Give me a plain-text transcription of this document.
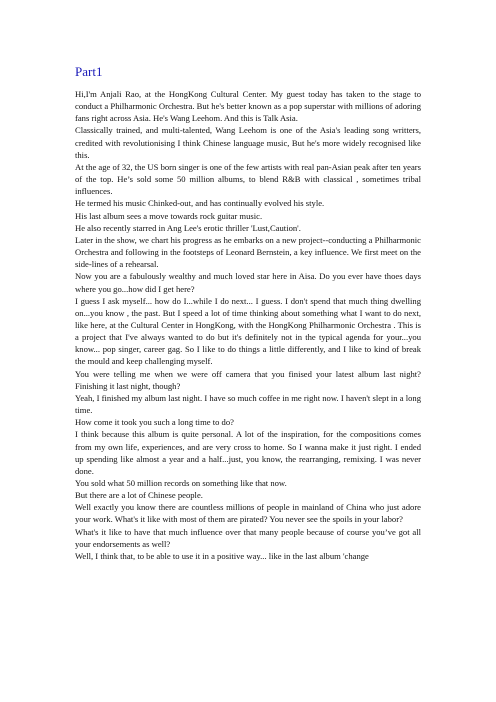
Part1

Hi,I'm Anjali Rao, at the HongKong Cultural Center. My guest today has taken to the stage to conduct a Philharmonic Orchestra. But he's better known as a pop superstar with millions of adoring fans right across Asia. He's Wang Leehom. And this is Talk Asia.

Classically trained, and multi-talented, Wang Leehom is one of the Asia's leading song writters, credited with revolutionising I think Chinese language music, But he's more widely recognised like this.

At the age of 32, the US born singer is one of the few artists with real pan-Asian peak after ten years of the top. He’s sold some 50 million albums, to blend R&B with classical , sometimes tribal influences.

He termed his music Chinked-out, and has continually evolved his style.

His last album sees a move towards rock guitar music.

He also recently starred in Ang Lee's erotic thriller 'Lust,Caution'.

Later in the show, we chart his progress as he embarks on a new project--conducting a Philharmonic Orchestra and following in the footsteps of Leonard Bernstein, a key influence. We first meet on the side-lines of a rehearsal.

Now you are a fabulously wealthy and much loved star here in Aisa. Do you ever have thoes days where you go...how did I get here?

I guess I ask myself... how do I...while I do next... I guess. I don't spend that much thing dwelling on...you know , the past. But I speed a lot of time thinking about something what I want to do next, like here, at the Cultural Center in HongKong, with the HongKong Philharmonic Orchestra . This is a project that I've always wanted to do but it's definitely not in the typical agenda for your...you know... pop singer, career gag. So I like to do things a little differently, and I like to kind of break the mould and keep challenging myself.

You were telling me when we were off camera that you finised your latest album last night? Finishing it last night, though?

Yeah, I finished my album last night. I have so much coffee in me right now. I haven't slept in a long time.

How come it took you such a long time to do?

I think because this album is quite personal. A lot of the inspiration, for the compositions comes from my own life, experiences, and are very cross to home. So I wanna make it just right. I ended up spending like almost a year and a half...just, you know, the rearranging, remixing. I was never done.

You sold what 50 million records on something like that now.

But there are a lot of Chinese people.

Well exactly you know there are countless millions of people in mainland of China who just adore your work. What's it like with most of them are pirated? You never see the spoils in your labor?

What's it like to have that much influence over that many people because of course you’ve got all your endorsements as well?

Well, I think that, to be able to use it in a positive way... like in the last album 'change
